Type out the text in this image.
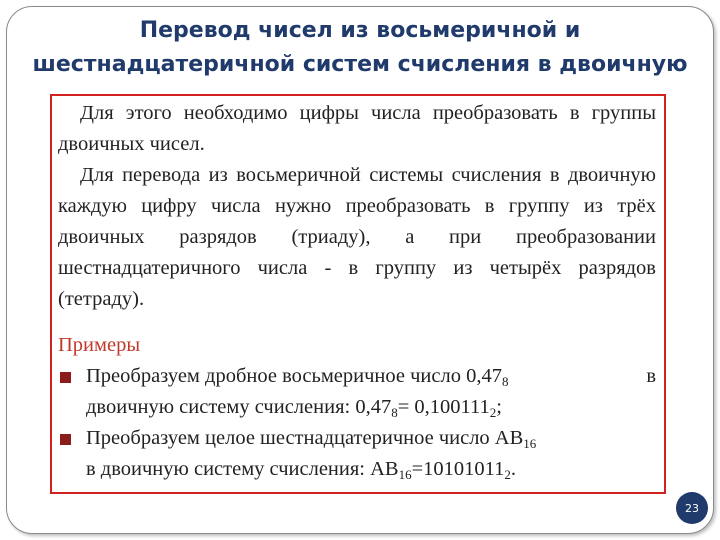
Перевод чисел из восьмеричной и
шестнадцатеричной систем счисления в двоичную

Для этого необходимо цифры числа преобразовать в группы двоичных чисел.

Для перевода из восьмеричной системы счисления в двоичную каждую цифру числа нужно преобразовать в группу из трёх двоичных разрядов (триаду), а при преобразовании шестнадцатеричного числа - в группу из четырёх разрядов (тетраду).

Примеры

Преобразуем дробное восьмеричное число $0,47_8$	в

двоичную систему счисления: $0,47_8= 0,100111_2$;

Преобразуем целое шестнадцатеричное число $AB_{16}$

в двоичную систему счисления: $AB_{16}=10101011_2$.

23
